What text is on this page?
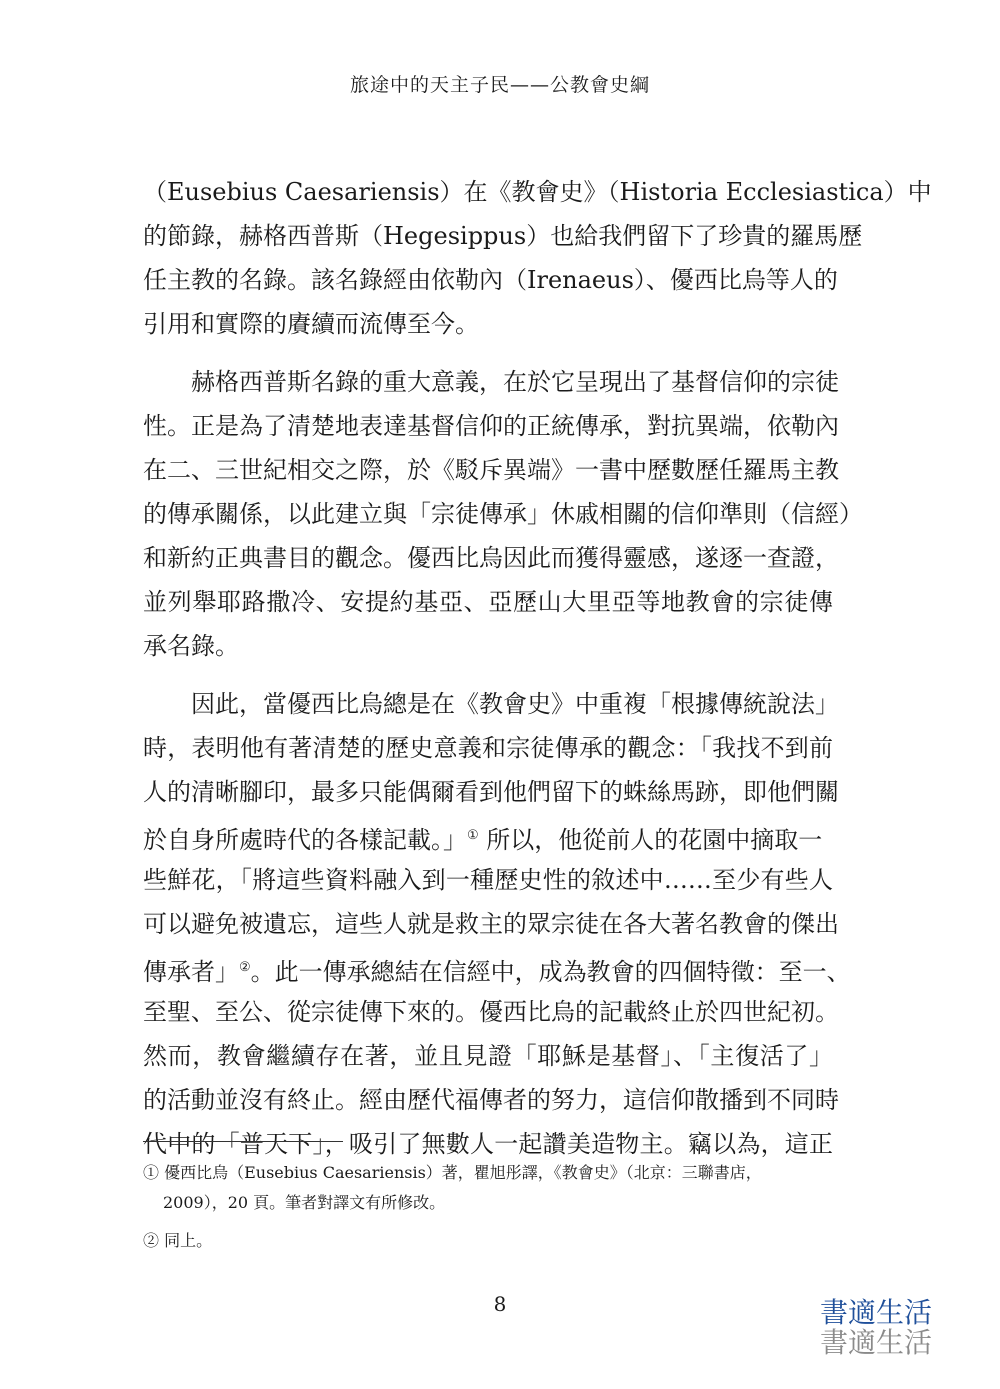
旅途中的天主子民——公教會史綱
（Eusebius Caesariensis）在《教會史》（Historia Ecclesiastica）中
的節錄，赫格西普斯（Hegesippus）也給我們留下了珍貴的羅馬歷
任主教的名錄。該名錄經由依勒內（Irenaeus）、優西比烏等人的
引用和實際的賡續而流傳至今。
赫格西普斯名錄的重大意義，在於它呈現出了基督信仰的宗徒
性。正是為了清楚地表達基督信仰的正統傳承，對抗異端，依勒內
在二、三世紀相交之際，於《駁斥異端》一書中歷數歷任羅馬主教
的傳承關係，以此建立與「宗徒傳承」休戚相關的信仰準則（信經）
和新約正典書目的觀念。優西比烏因此而獲得靈感，遂逐一查證，
並列舉耶路撒冷、安提約基亞、亞歷山大里亞等地教會的宗徒傳
承名錄。
因此，當優西比烏總是在《教會史》中重複「根據傳統說法」
時，表明他有著清楚的歷史意義和宗徒傳承的觀念：「我找不到前
人的清晰腳印，最多只能偶爾看到他們留下的蛛絲馬跡，即他們關
於自身所處時代的各樣記載。」① 所以，他從前人的花園中摘取一
些鮮花，「將這些資料融入到一種歷史性的敘述中……至少有些人
可以避免被遺忘，這些人就是救主的眾宗徒在各大著名教會的傑出
傳承者」②。此一傳承總結在信經中，成為教會的四個特徵：至一、
至聖、至公、從宗徒傳下來的。優西比烏的記載終止於四世紀初。
然而，教會繼續存在著，並且見證「耶穌是基督」、「主復活了」
的活動並沒有終止。經由歷代福傳者的努力，這信仰散播到不同時
代中的「普天下」，吸引了無數人一起讚美造物主。竊以為，這正
① 優西比烏（Eusebius Caesariensis）著，瞿旭彤譯，《教會史》（北京：三聯書店，
2009），20 頁。筆者對譯文有所修改。
② 同上。
8	書適生活
書適生活
